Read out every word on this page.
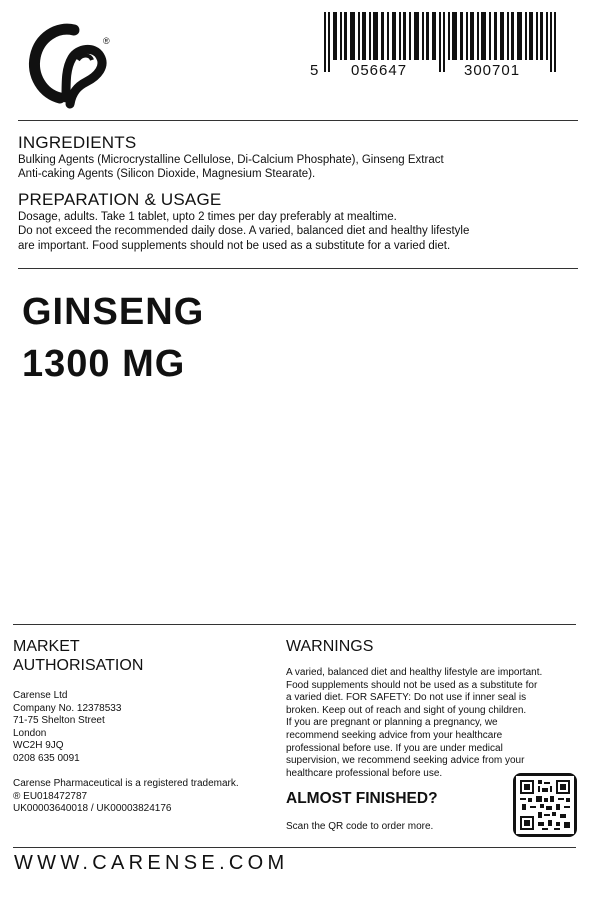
®
5 056647	300701
INGREDIENTS
Bulking Agents (Microcrystalline Cellulose, Di-Calcium Phosphate), Ginseng Extract
Anti-caking Agents (Silicon Dioxide, Magnesium Stearate).
PREPARATION & USAGE
Dosage, adults. Take 1 tablet, upto 2 times per day preferably at mealtime.
Do not exceed the recommended daily dose. A varied, balanced diet and healthy lifestyle
are important. Food supplements should not be used as a substitute for a varied diet.
GINSENG
1300 MG
MARKET
AUTHORISATION
Carense Ltd
Company No. 12378533
71-75 Shelton Street
London
WC2H 9JQ
0208 635 0091
Carense Pharmaceutical is a registered trademark.
® EU018472787
UK00003640018 / UK00003824176
WARNINGS
A varied, balanced diet and healthy lifestyle are important.
Food supplements should not be used as a substitute for
a varied diet. FOR SAFETY: Do not use if inner seal is
broken. Keep out of reach and sight of young children.
If you are pregnant or planning a pregnancy, we
recommend seeking advice from your healthcare
professional before use. If you are under medical
supervision, we recommend seeking advice from your
healthcare professional before use.
ALMOST FINISHED?
Scan the QR code to order more.
WWW.CARENSE.COM
